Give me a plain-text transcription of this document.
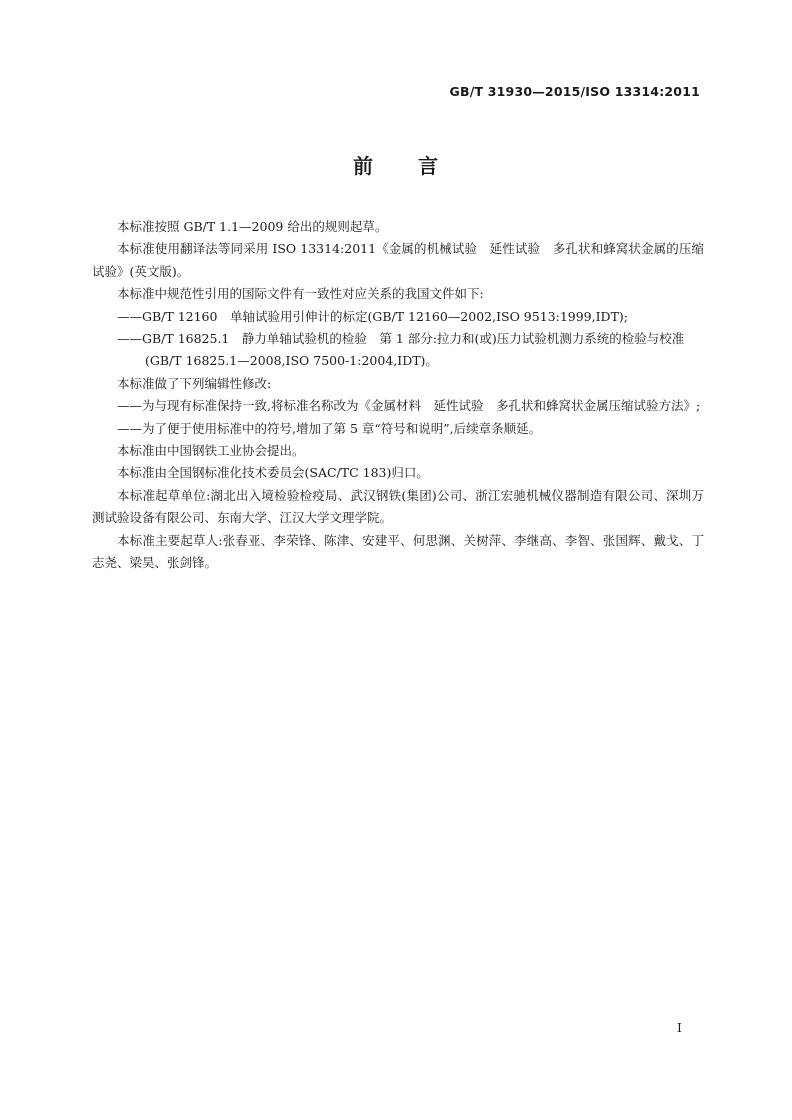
GB/T 31930—2015/ISO 13314:2011
前 言

本标准按照 GB/T 1.1—2009 给出的规则起草。

本标准使用翻译法等同采用 ISO 13314:2011《金属的机械试验　延性试验　多孔状和蜂窝状金属的压缩试验》(英文版)。

本标准中规范性引用的国际文件有一致性对应关系的我国文件如下:

——GB/T 12160　单轴试验用引伸计的标定(GB/T 12160—2002,ISO 9513:1999,IDT);

——GB/T 16825.1　静力单轴试验机的检验　第 1 部分:拉力和(或)压力试验机测力系统的检验与校准(GB/T 16825.1—2008,ISO 7500-1:2004,IDT)。

本标准做了下列编辑性修改:

——为与现有标准保持一致,将标准名称改为《金属材料　延性试验　多孔状和蜂窝状金属压缩试验方法》;

——为了便于使用标准中的符号,增加了第 5 章“符号和说明”,后续章条顺延。

本标准由中国钢铁工业协会提出。

本标准由全国钢标准化技术委员会(SAC/TC 183)归口。

本标准起草单位:湖北出入境检验检疫局、武汉钢铁(集团)公司、浙江宏驰机械仪器制造有限公司、深圳万测试验设备有限公司、东南大学、江汉大学文理学院。

本标准主要起草人:张春亚、李荣锋、陈津、安建平、何思渊、关树萍、李继高、李智、张国辉、戴戈、丁志尧、梁昊、张剑锋。

I
